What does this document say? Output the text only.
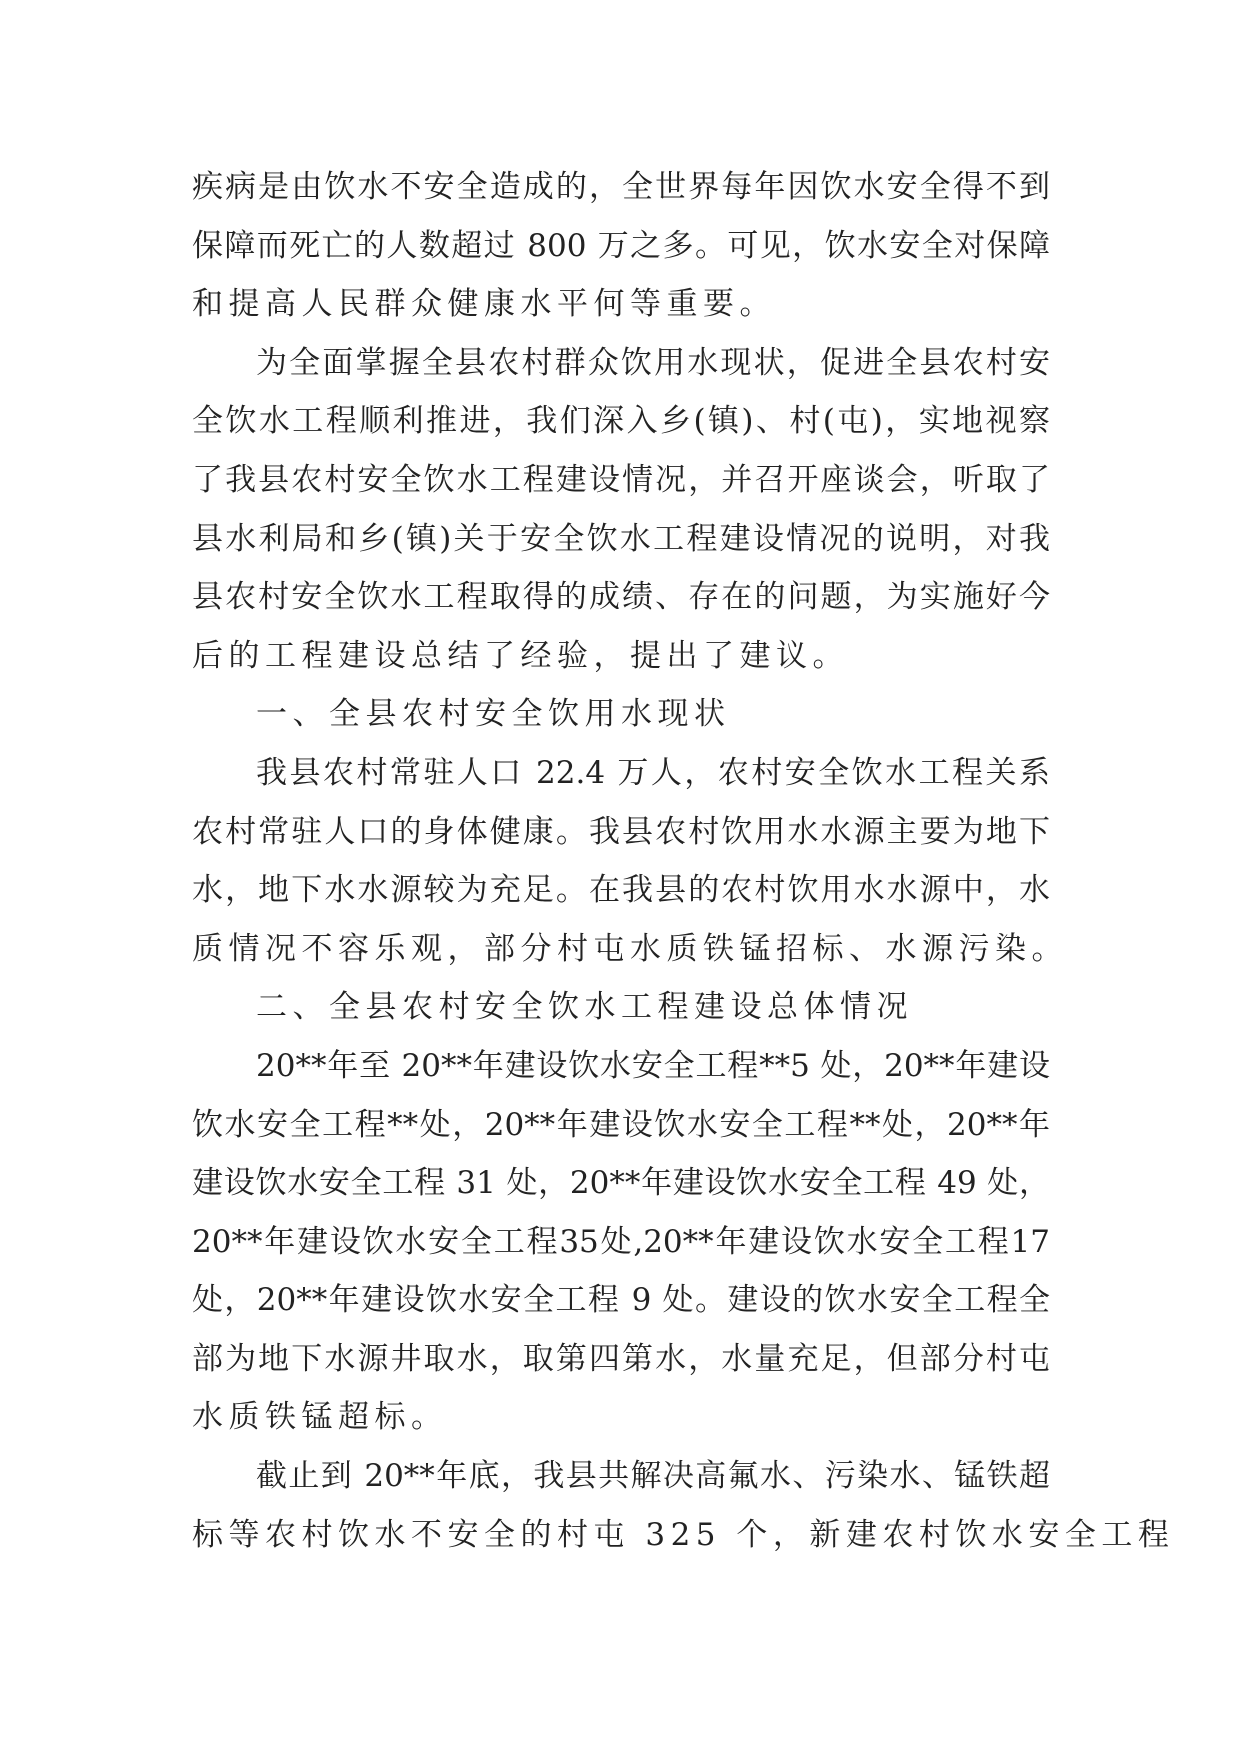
疾病是由饮水不安全造成的，全世界每年因饮水安全得不到
保障而死亡的人数超过 800 万之多。可见，饮水安全对保障
和提高人民群众健康水平何等重要。
为全面掌握全县农村群众饮用水现状，促进全县农村安
全饮水工程顺利推进，我们深入乡(镇)、村(屯)，实地视察
了我县农村安全饮水工程建设情况，并召开座谈会，听取了
县水利局和乡(镇)关于安全饮水工程建设情况的说明，对我
县农村安全饮水工程取得的成绩、存在的问题，为实施好今
后的工程建设总结了经验，提出了建议。
一、全县农村安全饮用水现状
我县农村常驻人口 22.4 万人，农村安全饮水工程关系
农村常驻人口的身体健康。我县农村饮用水水源主要为地下
水，地下水水源较为充足。在我县的农村饮用水水源中，水
质情况不容乐观，部分村屯水质铁锰招标、水源污染。
二、全县农村安全饮水工程建设总体情况
20**年至 20**年建设饮水安全工程**5 处，20**年建设
饮水安全工程**处，20**年建设饮水安全工程**处，20**年
建设饮水安全工程 31 处，20**年建设饮水安全工程 49 处，
20**年建设饮水安全工程35处,20**年建设饮水安全工程17
处，20**年建设饮水安全工程 9 处。建设的饮水安全工程全
部为地下水源井取水，取第四第水，水量充足，但部分村屯
水质铁锰超标。
截止到 20**年底，我县共解决高氟水、污染水、锰铁超
标等农村饮水不安全的村屯 325 个，新建农村饮水安全工程
